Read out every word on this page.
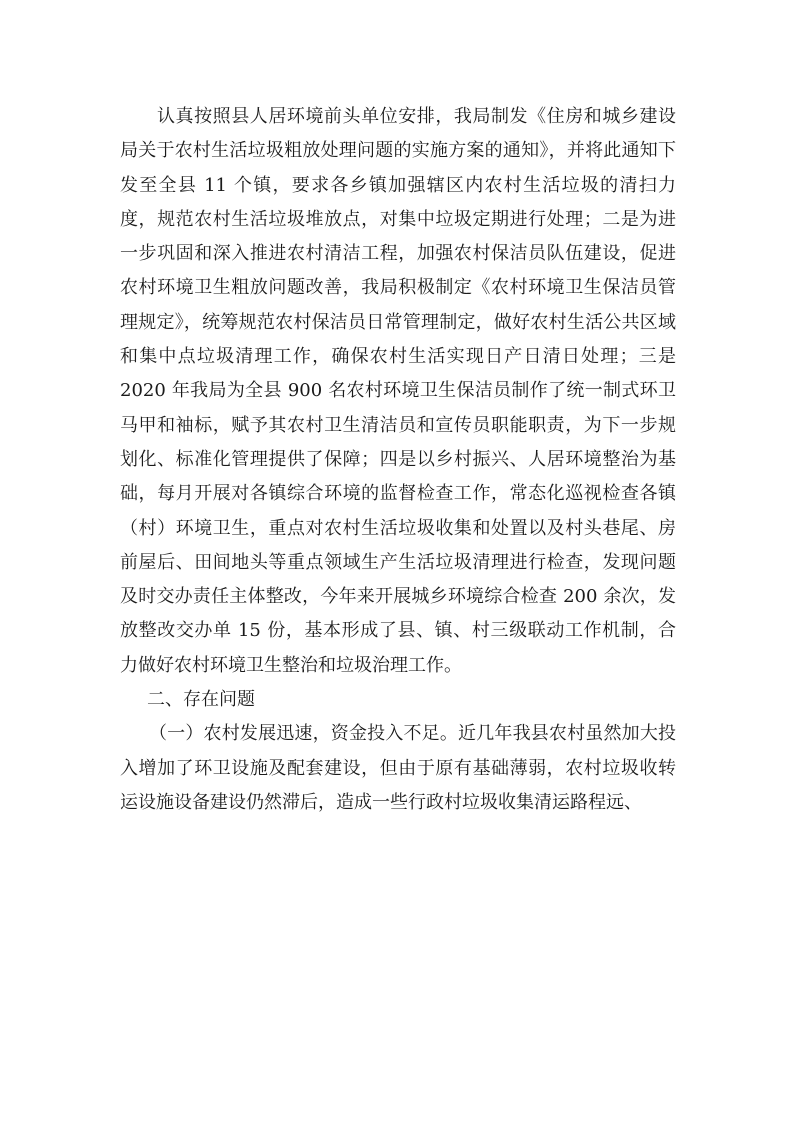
认真按照县人居环境前头单位安排，我局制发《住房和城乡建设局关于农村生活垃圾粗放处理问题的实施方案的通知》，并将此通知下发至全县 11 个镇，要求各乡镇加强辖区内农村生活垃圾的清扫力度，规范农村生活垃圾堆放点，对集中垃圾定期进行处理；二是为进一步巩固和深入推进农村清洁工程，加强农村保洁员队伍建设，促进农村环境卫生粗放问题改善，我局积极制定《农村环境卫生保洁员管理规定》，统筹规范农村保洁员日常管理制定，做好农村生活公共区域和集中点垃圾清理工作，确保农村生活实现日产日清日处理；三是 2020 年我局为全县 900 名农村环境卫生保洁员制作了统一制式环卫马甲和袖标，赋予其农村卫生清洁员和宣传员职能职责，为下一步规划化、标准化管理提供了保障；四是以乡村振兴、人居环境整治为基础，每月开展对各镇综合环境的监督检查工作，常态化巡视检查各镇（村）环境卫生，重点对农村生活垃圾收集和处置以及村头巷尾、房前屋后、田间地头等重点领域生产生活垃圾清理进行检查，发现问题及时交办责任主体整改，今年来开展城乡环境综合检查 200 余次，发放整改交办单 15 份，基本形成了县、镇、村三级联动工作机制，合力做好农村环境卫生整治和垃圾治理工作。

二、存在问题

（一）农村发展迅速，资金投入不足。近几年我县农村虽然加大投入增加了环卫设施及配套建设，但由于原有基础薄弱，农村垃圾收转运设施设备建设仍然滞后，造成一些行政村垃圾收集清运路程远、
